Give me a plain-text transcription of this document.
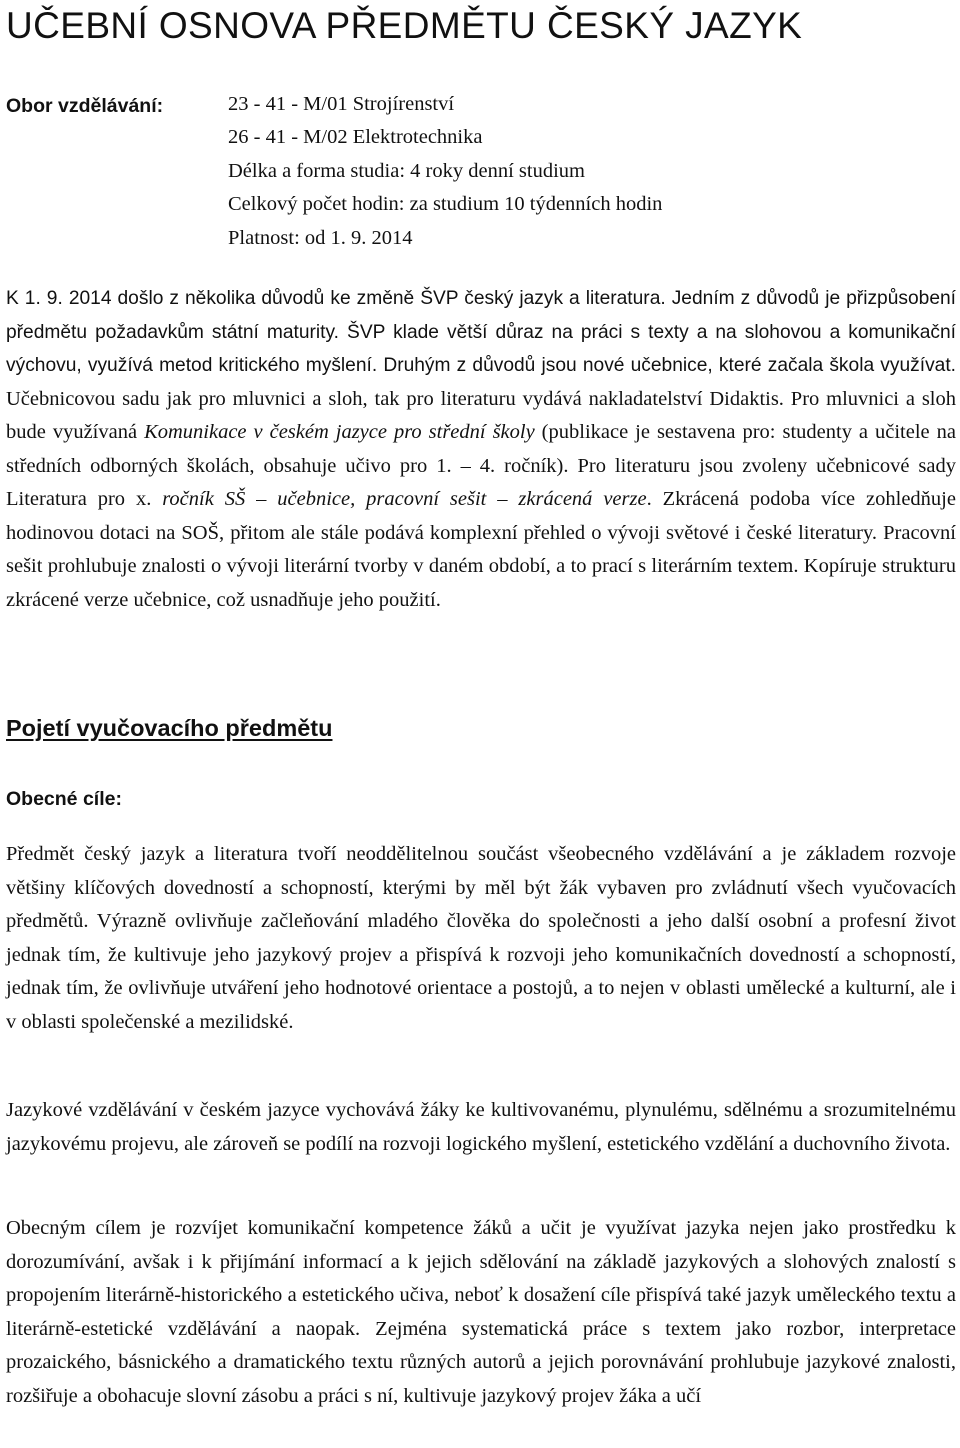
UČEBNÍ OSNOVA PŘEDMĚTU ČESKÝ JAZYK
Obor vzdělávání:	23 - 41 - M/01 Strojírenství
26 - 41 - M/02 Elektrotechnika
Délka a forma studia: 4 roky denní studium
Celkový počet hodin: za studium 10 týdenních hodin
Platnost: od 1. 9. 2014

K 1. 9. 2014 došlo z několika důvodů ke změně ŠVP český jazyk a literatura. Jedním z důvodů je přizpůsobení předmětu požadavkům státní maturity. ŠVP klade větší důraz na práci s texty a na slohovou a komunikační výchovu, využívá metod kritického myšlení. Druhým z důvodů jsou nové učebnice, které začala škola využívat. Učebnicovou sadu jak pro mluvnici a sloh, tak pro literaturu vydává nakladatelství Didaktis. Pro mluvnici a sloh bude využívaná Komunikace v českém jazyce pro střední školy (publikace je sestavena pro: studenty a učitele na středních odborných školách, obsahuje učivo pro 1. – 4. ročník). Pro literaturu jsou zvoleny učebnicové sady Literatura pro x. ročník SŠ – učebnice, pracovní sešit – zkrácená verze. Zkrácená podoba více zohledňuje hodinovou dotaci na SOŠ, přitom ale stále podává komplexní přehled o vývoji světové i české literatury. Pracovní sešit prohlubuje znalosti o vývoji literární tvorby v daném období, a to prací s literárním textem. Kopíruje strukturu zkrácené verze učebnice, což usnadňuje jeho použití.

Pojetí vyučovacího předmětu
Obecné cíle:

Předmět český jazyk a literatura tvoří neoddělitelnou součást všeobecného vzdělávání a je základem rozvoje většiny klíčových dovedností a schopností, kterými by měl být žák vybaven pro zvládnutí všech vyučovacích předmětů. Výrazně ovlivňuje začleňování mladého člověka do společnosti a jeho další osobní a profesní život jednak tím, že kultivuje jeho jazykový projev a přispívá k rozvoji jeho komunikačních dovedností a schopností, jednak tím, že ovlivňuje utváření jeho hodnotové orientace a postojů, a to nejen v oblasti umělecké a kulturní, ale i v oblasti společenské a mezilidské.

Jazykové vzdělávání v českém jazyce vychovává žáky ke kultivovanému, plynulému, sdělnému a srozumitelnému jazykovému projevu, ale zároveň se podílí na rozvoji logického myšlení, estetického vzdělání a duchovního života.

Obecným cílem je rozvíjet komunikační kompetence žáků a učit je využívat jazyka nejen jako prostředku k dorozumívání, avšak i k přijímání informací a k jejich sdělování na základě jazykových a slohových znalostí s propojením literárně-historického a estetického učiva, neboť k dosažení cíle přispívá také jazyk uměleckého textu a literárně-estetické vzdělávání a naopak. Zejména systematická práce s textem jako rozbor, interpretace prozaického, básnického a dramatického textu různých autorů a jejich porovnávání prohlubuje jazykové znalosti, rozšiřuje a obohacuje slovní zásobu a práci s ní, kultivuje jazykový projev žáka a učí
